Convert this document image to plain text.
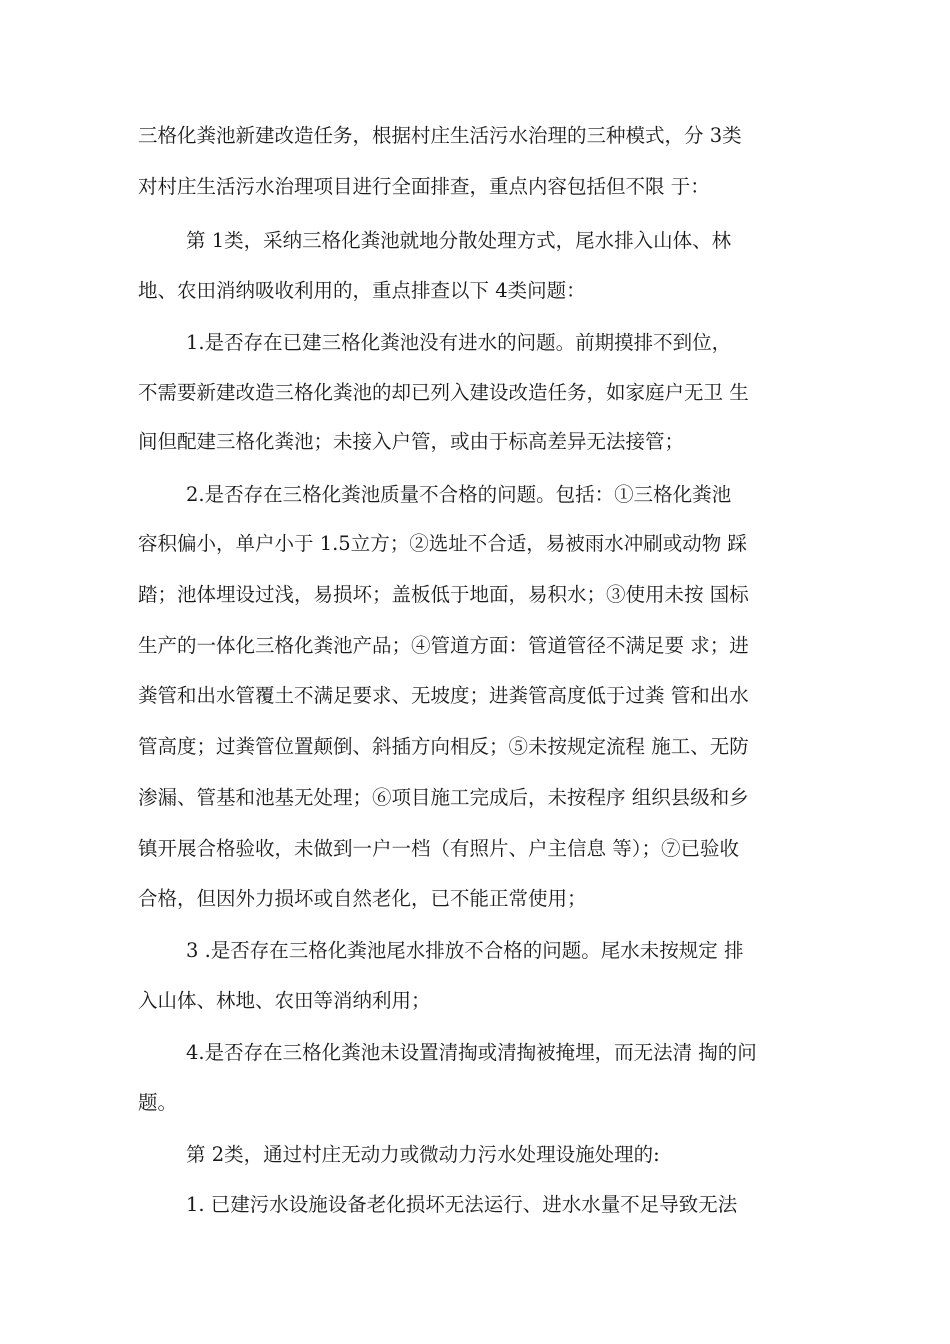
三格化粪池新建改造任务，根据村庄生活污水治理的三种模式，分 3类
对村庄生活污水治理项目进行全面排查，重点内容包括但不限 于：
第 1类，采纳三格化粪池就地分散处理方式，尾水排入山体、林
地、农田消纳吸收利用的，重点排查以下 4类问题：
1.是否存在已建三格化粪池没有进水的问题。前期摸排不到位，
不需要新建改造三格化粪池的却已列入建设改造任务，如家庭户无卫 生
间但配建三格化粪池；未接入户管，或由于标高差异无法接管；
2.是否存在三格化粪池质量不合格的问题。包括：①三格化粪池
容积偏小，单户小于 1.5立方；②选址不合适，易被雨水冲刷或动物 踩
踏；池体埋设过浅，易损坏；盖板低于地面，易积水；③使用未按 国标
生产的一体化三格化粪池产品；④管道方面：管道管径不满足要 求；进
粪管和出水管覆土不满足要求、无坡度；进粪管高度低于过粪 管和出水
管高度；过粪管位置颠倒、斜插方向相反；⑤未按规定流程 施工、无防
渗漏、管基和池基无处理；⑥项目施工完成后，未按程序 组织县级和乡
镇开展合格验收，未做到一户一档（有照片、户主信息 等）；⑦已验收
合格，但因外力损坏或自然老化，已不能正常使用；
3 .是否存在三格化粪池尾水排放不合格的问题。尾水未按规定 排
入山体、林地、农田等消纳利用；
4.是否存在三格化粪池未设置清掏或清掏被掩埋，而无法清 掏的问
题。
第 2类，通过村庄无动力或微动力污水处理设施处理的:
1. 已建污水设施设备老化损坏无法运行、进水水量不足导致无法
